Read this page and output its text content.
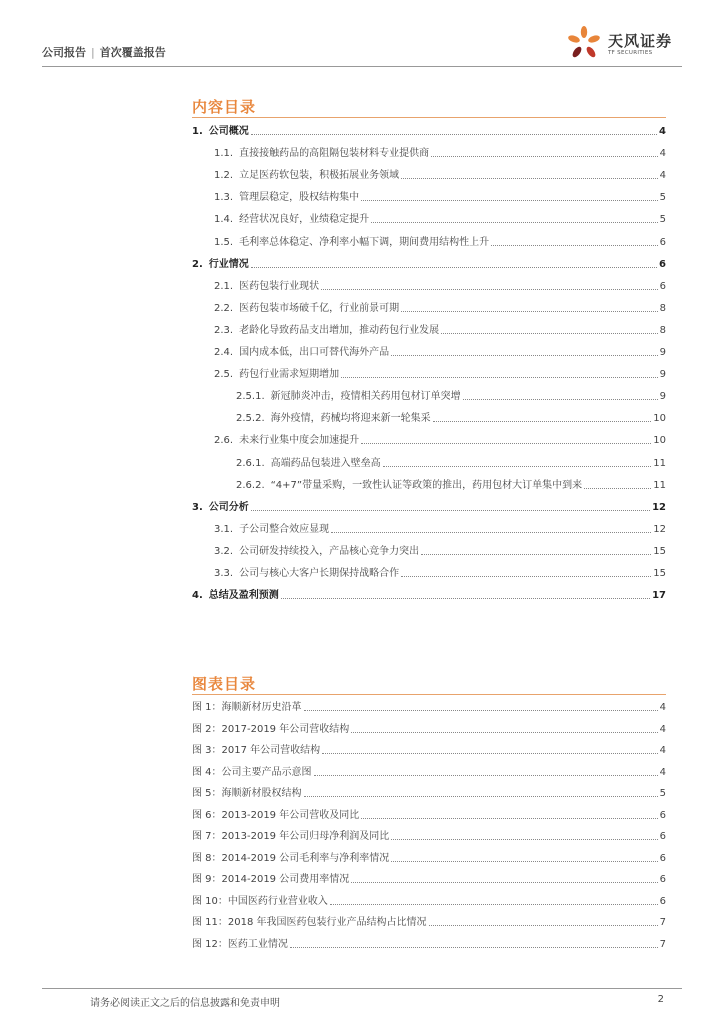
公司报告 | 首次覆盖报告
天风证券
TF SECURITIES
内容目录
1. 公司概况	4
1.1. 直接接触药品的高阻隔包装材料专业提供商	4
1.2. 立足医药软包装，积极拓展业务领域	4
1.3. 管理层稳定，股权结构集中	5
1.4. 经营状况良好，业绩稳定提升	5
1.5. 毛利率总体稳定、净利率小幅下调，期间费用结构性上升	6
2. 行业情况	6
2.1. 医药包装行业现状	6
2.2. 医药包装市场破千亿，行业前景可期	8
2.3. 老龄化导致药品支出增加，推动药包行业发展	8
2.4. 国内成本低，出口可替代海外产品	9
2.5. 药包行业需求短期增加	9
2.5.1. 新冠肺炎冲击，疫情相关药用包材订单突增	9
2.5.2. 海外疫情，药械均将迎来新一轮集采	10
2.6. 未来行业集中度会加速提升	10
2.6.1. 高端药品包装进入壁垒高	11
2.6.2. “4+7”带量采购，一致性认证等政策的推出，药用包材大订单集中到来	11
3. 公司分析	12
3.1. 子公司整合效应显现	12
3.2. 公司研发持续投入，产品核心竞争力突出	15
3.3. 公司与核心大客户长期保持战略合作	15
4. 总结及盈利预测	17
图表目录
图 1：海顺新材历史沿革	4
图 2：2017-2019 年公司营收结构	4
图 3：2017 年公司营收结构	4
图 4：公司主要产品示意图	4
图 5：海顺新材股权结构	5
图 6：2013-2019 年公司营收及同比	6
图 7：2013-2019 年公司归母净利润及同比	6
图 8：2014-2019 公司毛利率与净利率情况	6
图 9：2014-2019 公司费用率情况	6
图 10：中国医药行业营业收入	6
图 11：2018 年我国医药包装行业产品结构占比情况	7
图 12：医药工业情况	7
请务必阅读正文之后的信息披露和免责申明	2
